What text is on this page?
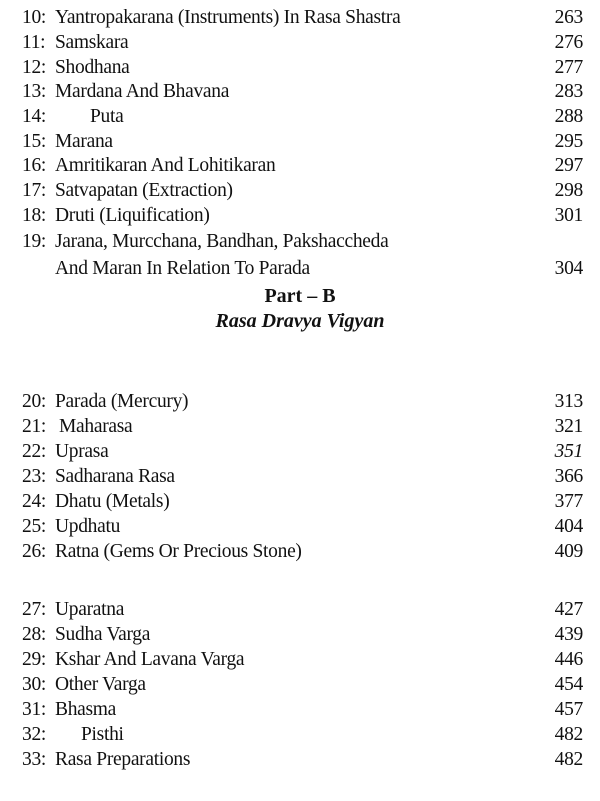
10: Yantropakarana (Instruments) In Rasa Shastra	263
11: Samskara	276
12: Shodhana	277
13: Mardana And Bhavana	283
14: Puta	288
15: Marana	295
16: Amritikaran And Lohitikaran	297
17: Satvapatan (Extraction)	298
18: Druti (Liquification)	301
19: Jarana, Murcchana, Bandhan, Pakshaccheda
And Maran In Relation To Parada	304
Part – B
Rasa Dravya Vigyan
20: Parada (Mercury)	313
21: Maharasa	321
22: Uprasa	351
23: Sadharana Rasa	366
24: Dhatu (Metals)	377
25: Updhatu	404
26: Ratna (Gems Or Precious Stone)	409
27: Uparatna	427
28: Sudha Varga	439
29: Kshar And Lavana Varga	446
30: Other Varga	454
31: Bhasma	457
32: Pisthi	482
33: Rasa Preparations	482
